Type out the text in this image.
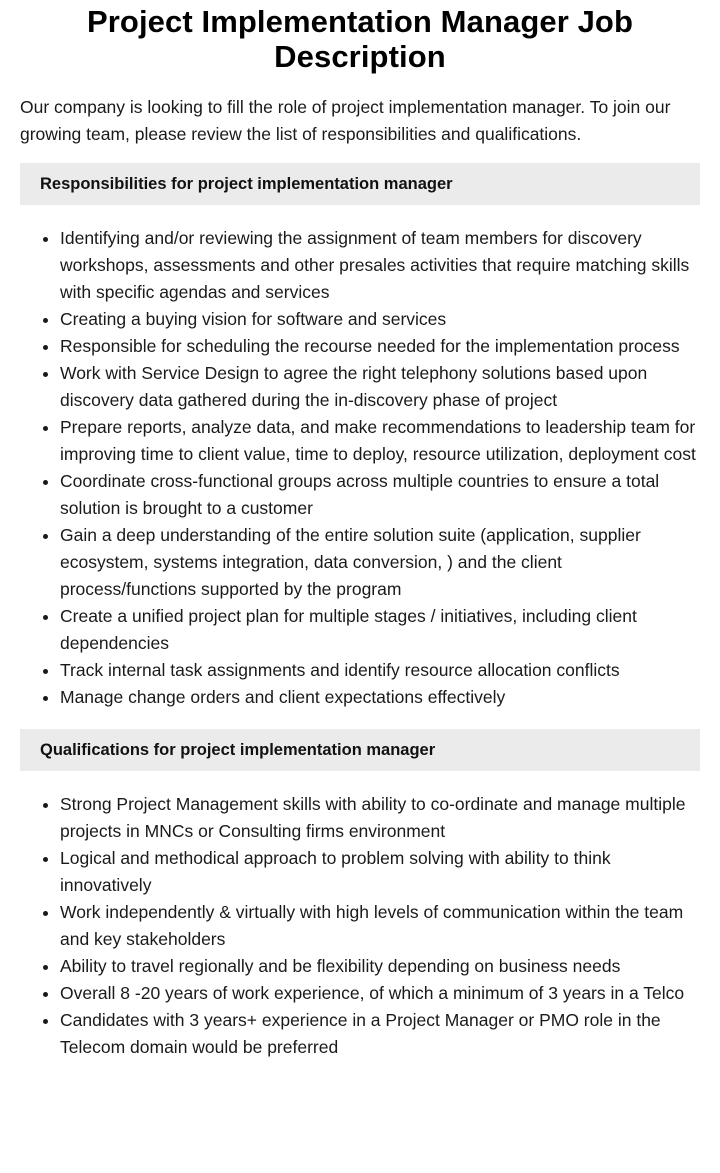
Project Implementation Manager Job Description

Our company is looking to fill the role of project implementation manager. To join our growing team, please review the list of responsibilities and qualifications.

Responsibilities for project implementation manager
Identifying and/or reviewing the assignment of team members for discovery workshops, assessments and other presales activities that require matching skills with specific agendas and services
Creating a buying vision for software and services
Responsible for scheduling the recourse needed for the implementation process
Work with Service Design to agree the right telephony solutions based upon discovery data gathered during the in-discovery phase of project
Prepare reports, analyze data, and make recommendations to leadership team for improving time to client value, time to deploy, resource utilization, deployment cost
Coordinate cross-functional groups across multiple countries to ensure a total solution is brought to a customer
Gain a deep understanding of the entire solution suite (application, supplier ecosystem, systems integration, data conversion, ) and the client process/functions supported by the program
Create a unified project plan for multiple stages / initiatives, including client dependencies
Track internal task assignments and identify resource allocation conflicts
Manage change orders and client expectations effectively
Qualifications for project implementation manager
Strong Project Management skills with ability to co-ordinate and manage multiple projects in MNCs or Consulting firms environment
Logical and methodical approach to problem solving with ability to think innovatively
Work independently & virtually with high levels of communication within the team and key stakeholders
Ability to travel regionally and be flexibility depending on business needs
Overall 8 -20 years of work experience, of which a minimum of 3 years in a Telco
Candidates with 3 years+ experience in a Project Manager or PMO role in the Telecom domain would be preferred
